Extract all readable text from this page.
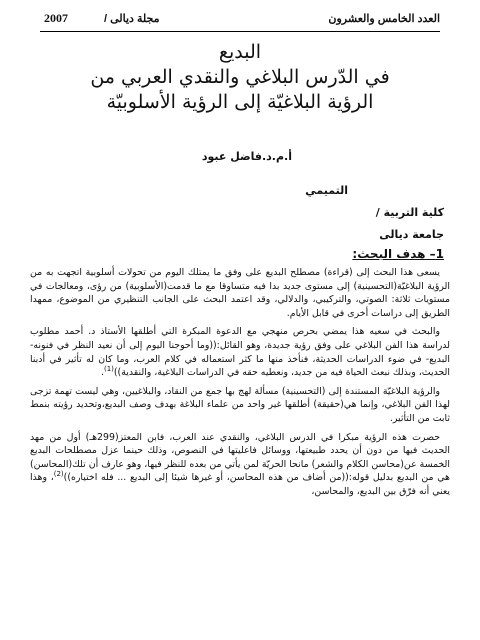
العدد الخامس والعشرون
مجلة ديالى /
2007
البديع
في الدّرس البلاغي والنقدي العربي من
الرؤية البلاغيّة إلى الرؤية الأسلوبيّة
أ.م.د.فاضل عبود
التميمي
كلية التربية /
جامعة ديالى
1– هدف البحث:

يسعى هذا البحث إلى (قراءة) مصطلح البديع على وفق ما يمتلك اليوم من تحولات أسلوبية اتجهت به من الرؤية البلاغيّة(التحسينية) إلى مستوى جديد بدا فيه متساوقا مع ما قدمت(الأسلوبية) من رؤى، ومعالجات في مستويات ثلاثة: الصوتي، والتركيبي، والدلالي، وقد اعتمد البحث على الجانب التنظيري من الموضوع، ممهدا الطريق إلى دراسات أخرى في قابل الأيام.

والبحث في سعيه هذا يمضي بحرص منهجي مع الدعوة المبكرة التي أطلقها الأستاذ د. أحمد مطلوب لدراسة هذا الفن البلاغي على وفق رؤية جديدة، وهو القائل:((وما أحوجنا اليوم إلى أن نعيد النظر في فنونه- البديع- في ضوء الدراسات الحديثة، فنأخذ منها ما كثر استعماله في كلام العرب، وما كان له تأثير في أدبنا الحديث، وبذلك نبعث الحياة فيه من جديد، ونعطيه حقه في الدراسات البلاغية، والنقدية))$^{(1)}$.

والرؤية البلاغيّة المستندة إلى (التحسينية) مسألة لهج بها جمع من النقاد، والبلاغيين، وهي ليست تهمة تزجى لهذا الفن البلاغي، وإنما هي(حقيقة) أطلقها غير واحد من علماء البلاغة بهدف وصف البديع،وتحديد رؤيته بنمط ثابت من التأثير.

حصرت هذه الرؤية مبكرا في الدرس البلاغي، والنقدي عند العرب، فابن المعتز(299هـ) أول من مهد الحديث فيها من دون أن يحدد طبيعتها، ووسائل فاعليتها في النصوص، وذلك حينما عزل مصطلحات البديع الخمسة عن(محاسن الكلام والشعر) مانحا الحريّة لمن يأتي من بعده للنظر فيها، وهو عارف أن تلك(المحاسن) هي من البديع بدليل قوله:((من أضاف من هذه المحاسن، أو غيرها شيئا إلى البديع ... فله اختياره))$^{(2)}$، وهذا يعني أنه فرّق بين البديع، والمحاسن،
